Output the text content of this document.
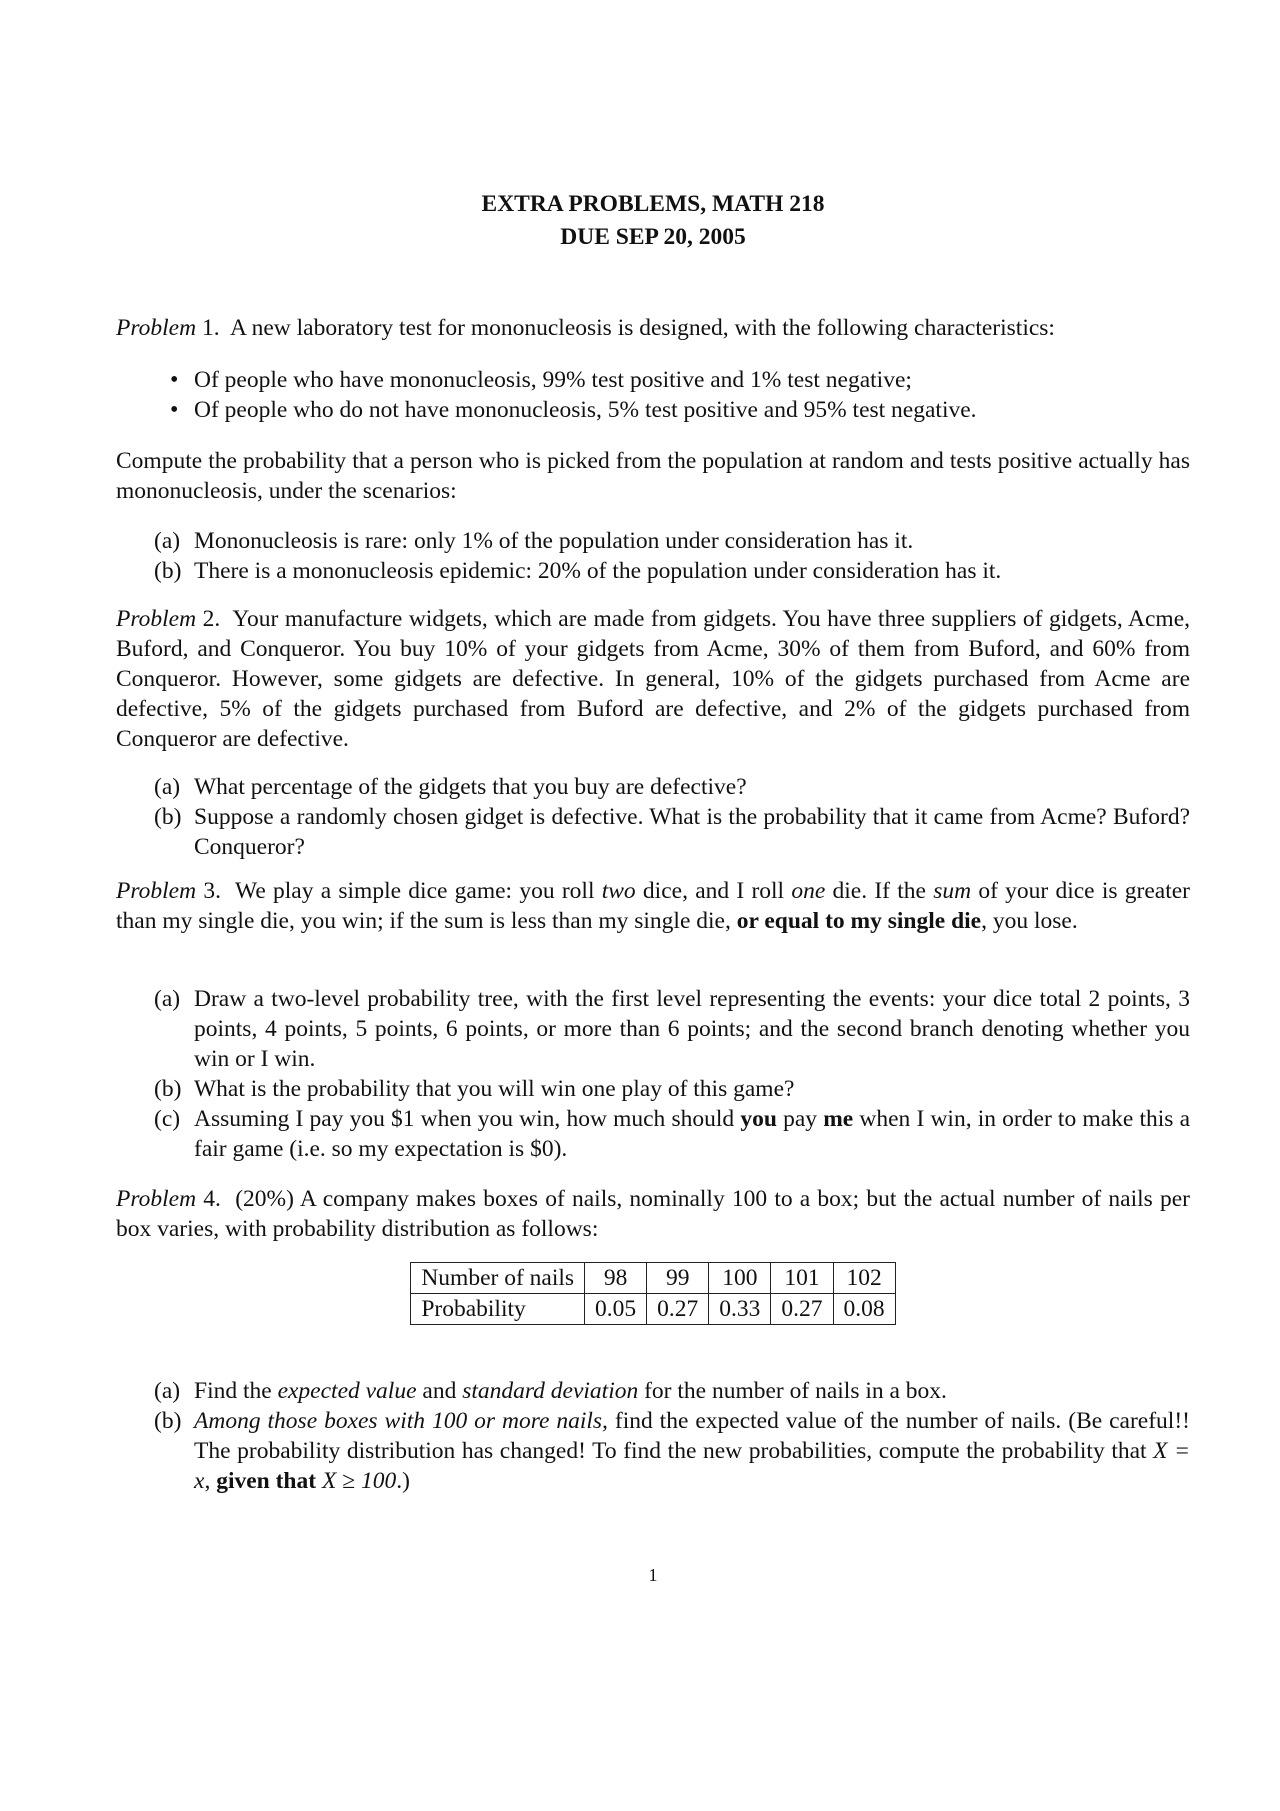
EXTRA PROBLEMS, MATH 218
DUE SEP 20, 2005

Problem 1. A new laboratory test for mononucleosis is designed, with the following characteristics:

• Of people who have mononucleosis, 99% test positive and 1% test negative;
• Of people who do not have mononucleosis, 5% test positive and 95% test negative.

Compute the probability that a person who is picked from the population at random and tests positive actually has mononucleosis, under the scenarios:

(a) Mononucleosis is rare: only 1% of the population under consideration has it.
(b) There is a mononucleosis epidemic: 20% of the population under consideration has it.

Problem 2. Your manufacture widgets, which are made from gidgets. You have three suppliers of gidgets, Acme, Buford, and Conqueror. You buy 10% of your gidgets from Acme, 30% of them from Buford, and 60% from Conqueror. However, some gidgets are defective. In general, 10% of the gidgets purchased from Acme are defective, 5% of the gidgets purchased from Buford are defective, and 2% of the gidgets purchased from Conqueror are defective.

(a) What percentage of the gidgets that you buy are defective?
(b) Suppose a randomly chosen gidget is defective. What is the probability that it came from Acme? Buford? Conqueror?

Problem 3. We play a simple dice game: you roll two dice, and I roll one die. If the sum of your dice is greater than my single die, you win; if the sum is less than my single die, or equal to my single die, you lose.

(a) Draw a two-level probability tree, with the first level representing the events: your dice total 2 points, 3 points, 4 points, 5 points, 6 points, or more than 6 points; and the second branch denoting whether you win or I win.
(b) What is the probability that you will win one play of this game?
(c) Assuming I pay you $1 when you win, how much should you pay me when I win, in order to make this a fair game (i.e. so my expectation is $0).

Problem 4. (20%) A company makes boxes of nails, nominally 100 to a box; but the actual number of nails per box varies, with probability distribution as follows:

Number of nails	98	99	100	101	102
Probability	0.05	0.27	0.33	0.27	0.08
(a) Find the expected value and standard deviation for the number of nails in a box.
(b) Among those boxes with 100 or more nails, find the expected value of the number of nails. (Be careful!! The probability distribution has changed! To find the new probabilities, compute the probability that X = x, given that X ≥ 100.)
1
